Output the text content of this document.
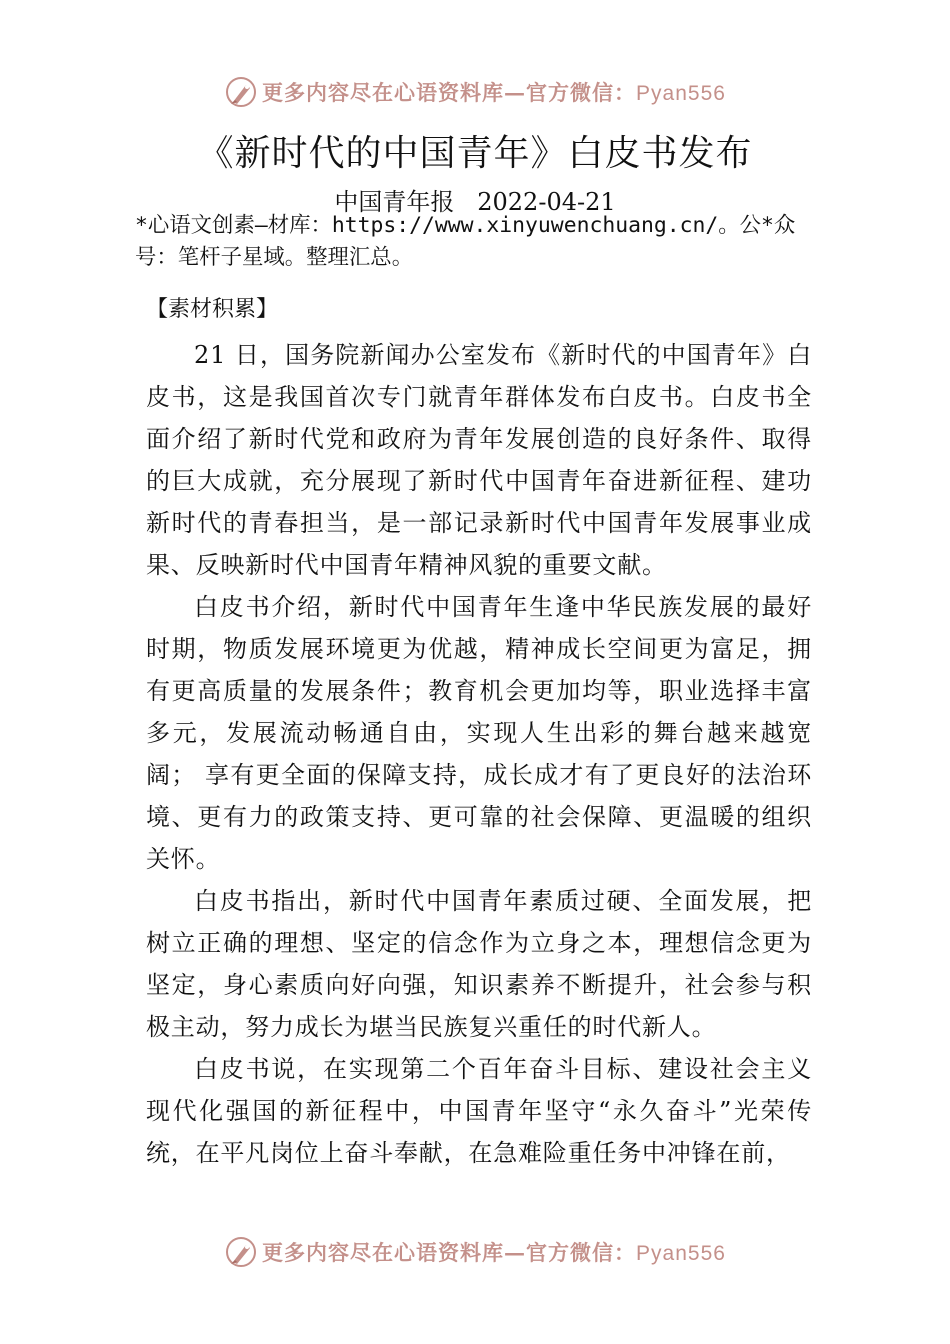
更多内容尽在心语资料库—官方微信：Pyan556
《新时代的中国青年》白皮书发布
中国青年报 2022-04-21
*心语文创素—材库：https://www.xinyuwenchuang.cn/。公*众号：笔杆子星域。整理汇总。
【素材积累】

21 日，国务院新闻办公室发布《新时代的中国青年》白皮书，这是我国首次专门就青年群体发布白皮书。白皮书全面介绍了新时代党和政府为青年发展创造的良好条件、取得的巨大成就，充分展现了新时代中国青年奋进新征程、建功新时代的青春担当，是一部记录新时代中国青年发展事业成果、反映新时代中国青年精神风貌的重要文献。

白皮书介绍，新时代中国青年生逢中华民族发展的最好时期，物质发展环境更为优越，精神成长空间更为富足，拥有更高质量的发展条件；教育机会更加均等，职业选择丰富多元，发展流动畅通自由，实现人生出彩的舞台越来越宽阔； 享有更全面的保障支持，成长成才有了更良好的法治环境、更有力的政策支持、更可靠的社会保障、更温暖的组织关怀。

白皮书指出，新时代中国青年素质过硬、全面发展，把树立正确的理想、坚定的信念作为立身之本，理想信念更为坚定，身心素质向好向强，知识素养不断提升，社会参与积极主动，努力成长为堪当民族复兴重任的时代新人。

白皮书说，在实现第二个百年奋斗目标、建设社会主义现代化强国的新征程中，中国青年坚守“永久奋斗”光荣传统，在平凡岗位上奋斗奉献，在急难险重任务中冲锋在前，

更多内容尽在心语资料库—官方微信：Pyan556
